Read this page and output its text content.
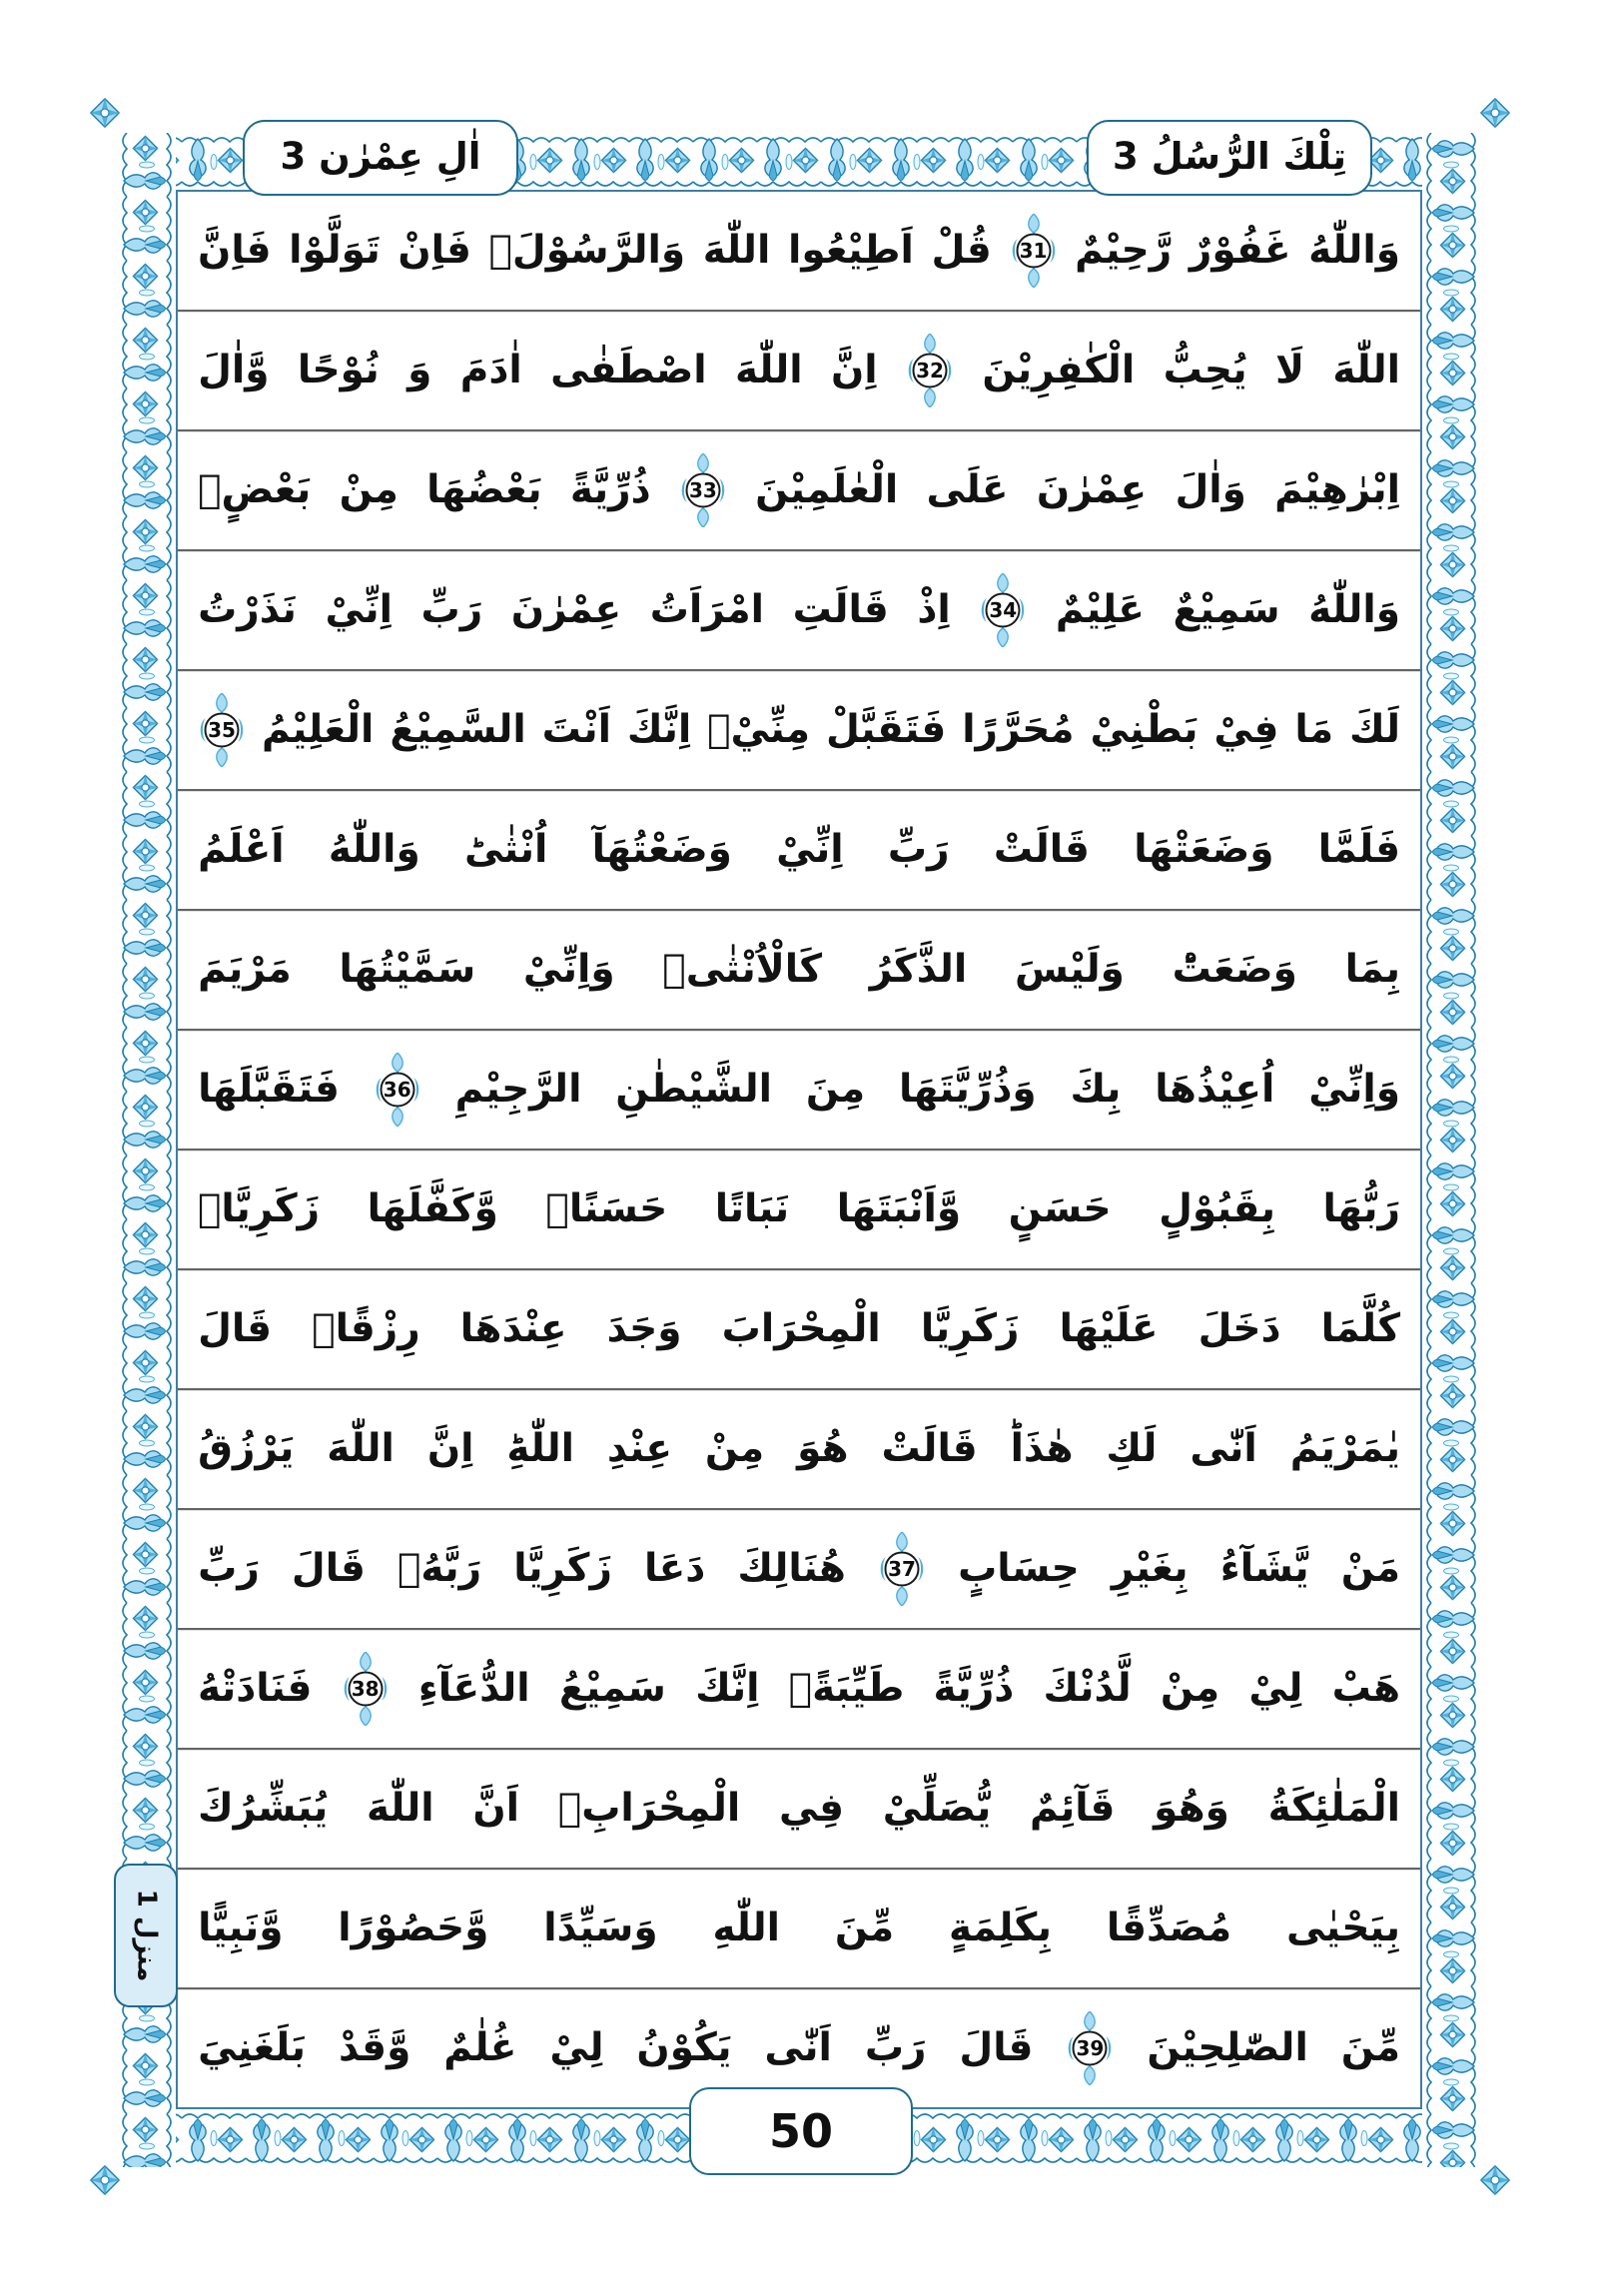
اٰلِ عِمْرٰن 3	تِلْكَ الرُّسُلُ 3
وَاللّٰهُ
غَفُوْرٌ
رَّحِيْمٌ
31
قُلْ
اَطِيْعُوا
اللّٰهَ
وَالرَّسُوْلَۖ
فَاِنْ
تَوَلَّوْا
فَاِنَّ
اللّٰهَ
لَا
يُحِبُّ
الْكٰفِرِيْنَ
32
اِنَّ
اللّٰهَ
اصْطَفٰى
اٰدَمَ
وَ
نُوْحًا
وَّاٰلَ
اِبْرٰهِيْمَ
وَاٰلَ
عِمْرٰنَ
عَلَى
الْعٰلَمِيْنَ
33
ذُرِّيَّةً
بَعْضُهَا
مِنْ
بَعْضٍۗ
وَاللّٰهُ
سَمِيْعٌ
عَلِيْمٌ
34
اِذْ
قَالَتِ
امْرَاَتُ
عِمْرٰنَ
رَبِّ
اِنِّيْ
نَذَرْتُ
لَكَ
مَا
فِيْ
بَطْنِيْ
مُحَرَّرًا
فَتَقَبَّلْ
مِنِّيْۖ
اِنَّكَ
اَنْتَ
السَّمِيْعُ
الْعَلِيْمُ
35
فَلَمَّا
وَضَعَتْهَا
قَالَتْ
رَبِّ
اِنِّيْ
وَضَعْتُهَآ
اُنْثٰىؕ
وَاللّٰهُ
اَعْلَمُ
بِمَا
وَضَعَتْؕ
وَلَيْسَ
الذَّكَرُ
كَالْاُنْثٰىۖ
وَاِنِّيْ
سَمَّيْتُهَا
مَرْيَمَ
وَاِنِّيْ
اُعِيْذُهَا
بِكَ
وَذُرِّيَّتَهَا
مِنَ
الشَّيْطٰنِ
الرَّجِيْمِ
36
فَتَقَبَّلَهَا
رَبُّهَا
بِقَبُوْلٍ
حَسَنٍ
وَّاَنْبَتَهَا
نَبَاتًا
حَسَنًاۙ
وَّكَفَّلَهَا
زَكَرِيَّاۖ
كُلَّمَا
دَخَلَ
عَلَيْهَا
زَكَرِيَّا
الْمِحْرَابَ
وَجَدَ
عِنْدَهَا
رِزْقًاۖ
قَالَ
يٰمَرْيَمُ
اَنّٰى
لَكِ
هٰذَاؕ
قَالَتْ
هُوَ
مِنْ
عِنْدِ
اللّٰهِؕ
اِنَّ
اللّٰهَ
يَرْزُقُ
مَنْ
يَّشَآءُ
بِغَيْرِ
حِسَابٍ
37
هُنَالِكَ
دَعَا
زَكَرِيَّا
رَبَّهُۖ
قَالَ
رَبِّ
هَبْ
لِيْ
مِنْ
لَّدُنْكَ
ذُرِّيَّةً
طَيِّبَةًۖ
اِنَّكَ
سَمِيْعُ
الدُّعَآءِ
38
فَنَادَتْهُ
الْمَلٰئِكَةُ
وَهُوَ
قَآئِمٌ
يُّصَلِّيْ
فِي
الْمِحْرَابِۙ
اَنَّ
اللّٰهَ
يُبَشِّرُكَ
بِيَحْيٰى
مُصَدِّقًا
بِكَلِمَةٍ
مِّنَ
اللّٰهِ
وَسَيِّدًا
وَّحَصُوْرًا
وَّنَبِيًّا
مِّنَ
الصّٰلِحِيْنَ
39
قَالَ
رَبِّ
اَنّٰى
يَكُوْنُ
لِيْ
غُلٰمٌ
وَّقَدْ
بَلَغَنِيَ
منزل 1
50
